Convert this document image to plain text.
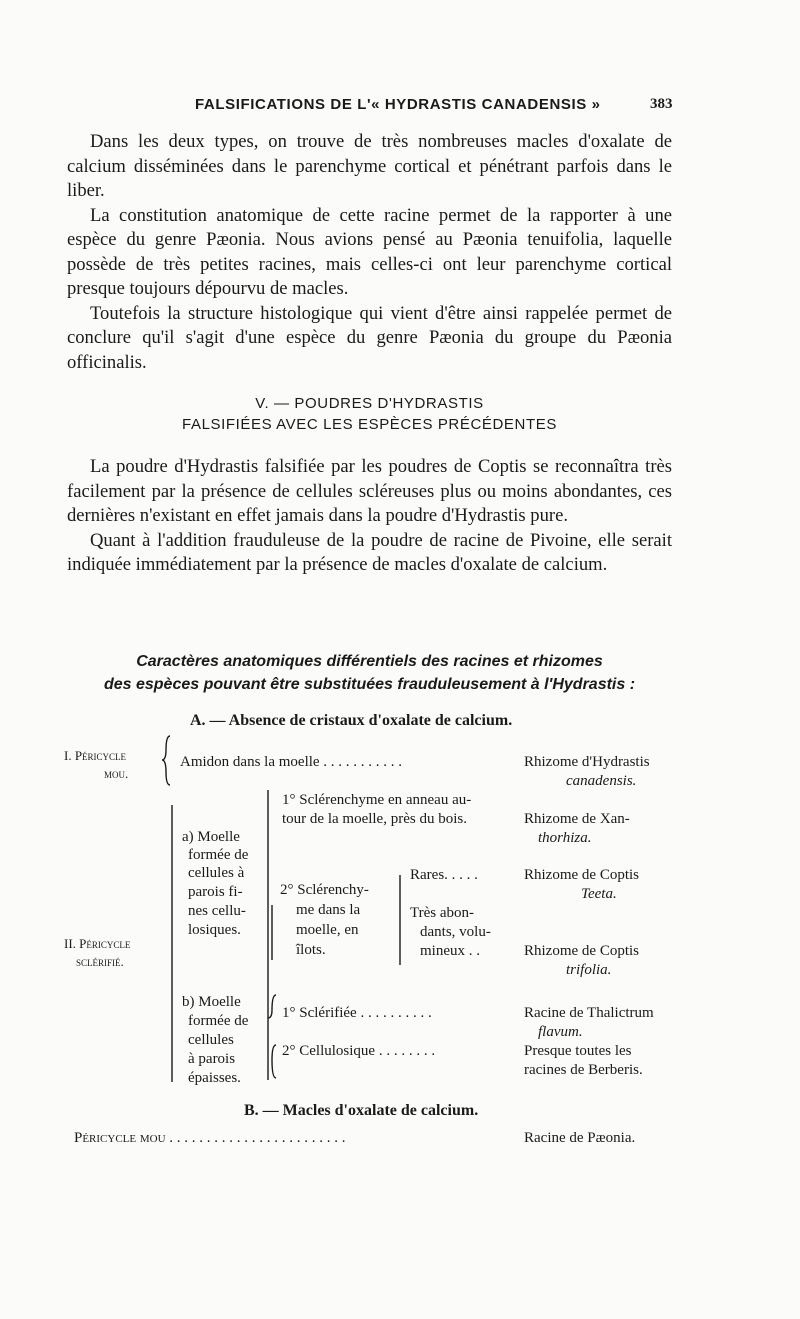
FALSIFICATIONS DE L'« HYDRASTIS CANADENSIS »	383

Dans les deux types, on trouve de très nombreuses macles d'oxalate de calcium disséminées dans le parenchyme cortical et pénétrant parfois dans le liber.

La constitution anatomique de cette racine permet de la rapporter à une espèce du genre Pæonia. Nous avions pensé au Pæonia tenuifolia, laquelle possède de très petites racines, mais celles-ci ont leur parenchyme cortical presque toujours dépourvu de macles.

Toutefois la structure histologique qui vient d'être ainsi rappelée permet de conclure qu'il s'agit d'une espèce du genre Pæonia du groupe du Pæonia officinalis.

V. — POUDRES D'HYDRASTIS
FALSIFIÉES AVEC LES ESPÈCES PRÉCÉDENTES

La poudre d'Hydrastis falsifiée par les poudres de Coptis se reconnaîtra très facilement par la présence de cellules scléreuses plus ou moins abondantes, ces dernières n'existant en effet jamais dans la poudre d'Hydrastis pure.

Quant à l'addition frauduleuse de la poudre de racine de Pivoine, elle serait indiquée immédiatement par la présence de macles d'oxalate de calcium.

Caractères anatomiques différentiels des racines et rhizomes
des espèces pouvant être substituées frauduleusement à l'Hydrastis :
A. — Absence de cristaux d'oxalate de calcium.
I. Péricycle
mou.
Amidon dans la moelle . . . . . . . . . . .	Rhizome d'Hydrastis
canadensis.
1° Sclérenchyme en anneau au-
tour de la moelle, près du bois.	Rhizome de Xan-
thorhiza.
a) Moelle
formée de
cellules à
parois fi-
nes cellu-
losiques.
2° Sclérenchy-
me dans la
moelle, en
îlots.
Rares. . . . .	Rhizome de Coptis
Teeta.
Très abon-
dants, volu-
mineux . .	Rhizome de Coptis
trifolia.
II. Péricycle
sclérifié.
b) Moelle
formée de
cellules
à parois
épaisses.
1° Sclérifiée . . . . . . . . . .	Racine de Thalictrum
flavum.
2° Cellulosique . . . . . . . .	Presque toutes les
racines de Berberis.
B. — Macles d'oxalate de calcium.
Péricycle mou . . . . . . . . . . . . . . . . . . . . . . . .	Racine de Pæonia.
